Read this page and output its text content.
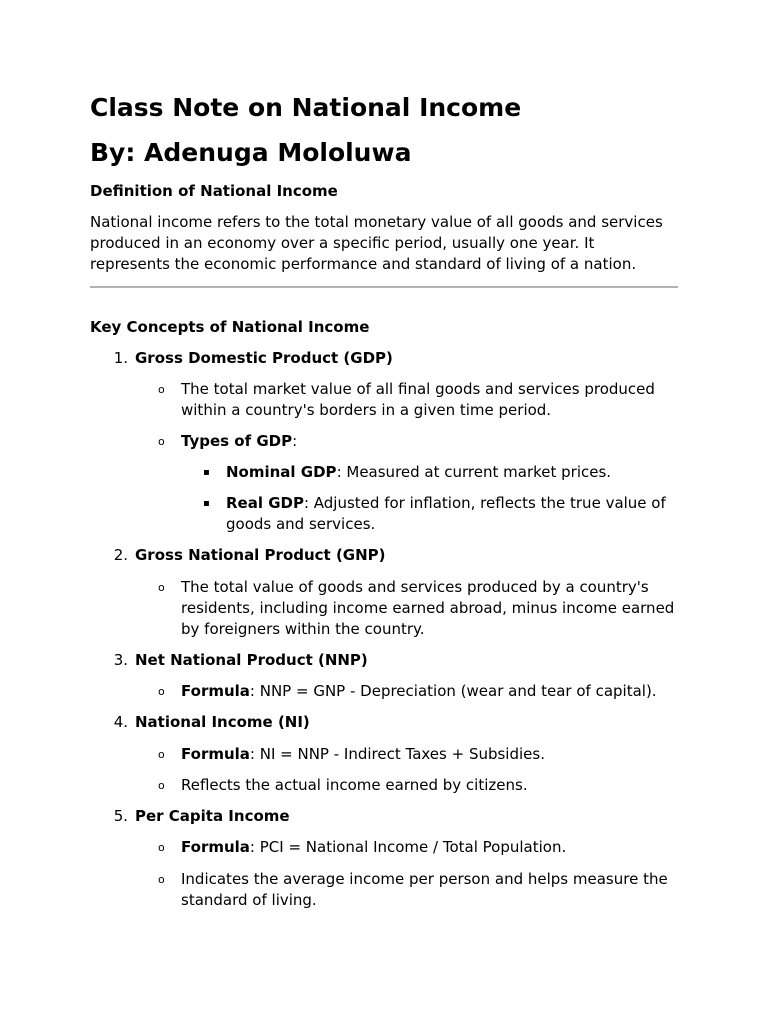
Class Note on National Income
By: Adenuga Mololuwa
Definition of National Income
National income refers to the total monetary value of all goods and services
produced in an economy over a specific period, usually one year. It
represents the economic performance and standard of living of a nation.
Key Concepts of National Income
1. Gross Domestic Product (GDP)
o The total market value of all final goods and services produced
within a country's borders in a given time period.
o Types of GDP:
▪ Nominal GDP: Measured at current market prices.
▪ Real GDP: Adjusted for inflation, reflects the true value of
goods and services.
2. Gross National Product (GNP)
o The total value of goods and services produced by a country's
residents, including income earned abroad, minus income earned
by foreigners within the country.
3. Net National Product (NNP)
o Formula: NNP = GNP - Depreciation (wear and tear of capital).
4. National Income (NI)
o Formula: NI = NNP - Indirect Taxes + Subsidies.
o Reflects the actual income earned by citizens.
5. Per Capita Income
o Formula: PCI = National Income / Total Population.
o Indicates the average income per person and helps measure the
standard of living.
